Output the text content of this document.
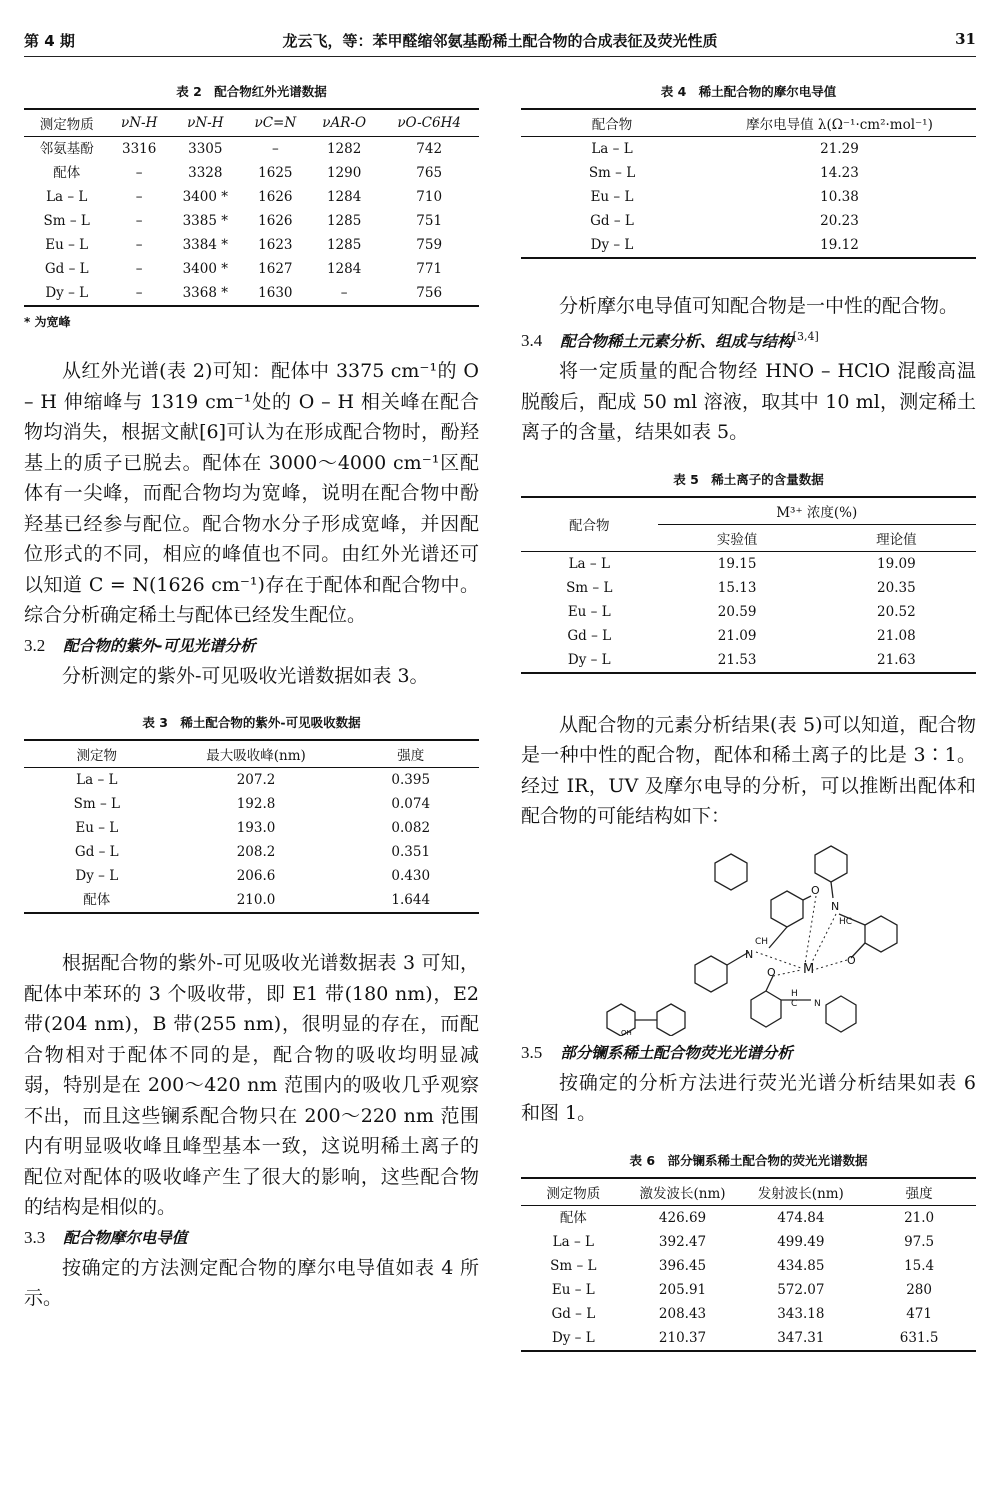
第 4 期	龙云飞，等：苯甲醛缩邻氨基酚稀土配合物的合成表征及荧光性质	31
表 2　配合物红外光谱数据
测定物质	νN-H	νN-H	νC=N	νAR-O	νO-C6H4
邻氨基酚	3316	3305	–	1282	742
配体	–	3328	1625	1290	765
La – L	–	3400 *	1626	1284	710
Sm – L	–	3385 *	1626	1285	751
Eu – L	–	3384 *	1623	1285	759
Gd – L	–	3400 *	1627	1284	771
Dy – L	–	3368 *	1630	–	756
* 为宽峰

从红外光谱(表 2)可知：配体中 3375 cm⁻¹的 O – H 伸缩峰与 1319 cm⁻¹处的 O – H 相关峰在配合物均消失，根据文献[6]可认为在形成配合物时，酚羟基上的质子已脱去。配体在 3000～4000 cm⁻¹区配体有一尖峰，而配合物均为宽峰，说明在配合物中酚羟基已经参与配位。配合物水分子形成宽峰，并因配位形式的不同，相应的峰值也不同。由红外光谱还可以知道 C = N(1626 cm⁻¹)存在于配体和配合物中。综合分析确定稀土与配体已经发生配位。

3.2 配合物的紫外-可见光谱分析

分析测定的紫外-可见吸收光谱数据如表 3。

表 3　稀土配合物的紫外-可见吸收数据
测定物	最大吸收峰(nm)	强度
La – L	207.2	0.395
Sm – L	192.8	0.074
Eu – L	193.0	0.082
Gd – L	208.2	0.351
Dy – L	206.6	0.430
配体	210.0	1.644

根据配合物的紫外-可见吸收光谱数据表 3 可知，配体中苯环的 3 个吸收带，即 E1 带(180 nm)，E2 带(204 nm)，B 带(255 nm)，很明显的存在，而配合物相对于配体不同的是，配合物的吸收均明显减弱，特别是在 200～420 nm 范围内的吸收几乎观察不出，而且这些镧系配合物只在 200～220 nm 范围内有明显吸收峰且峰型基本一致，这说明稀土离子的配位对配体的吸收峰产生了很大的影响，这些配合物的结构是相似的。

3.3 配合物摩尔电导值

按确定的方法测定配合物的摩尔电导值如表 4 所示。

表 4　稀土配合物的摩尔电导值
配合物	摩尔电导值 λ(Ω⁻¹·cm²·mol⁻¹)
La – L	21.29
Sm – L	14.23
Eu – L	10.38
Gd – L	20.23
Dy – L	19.12

分析摩尔电导值可知配合物是一中性的配合物。

3.4 配合物稀土元素分析、组成与结构[3,4]

将一定质量的配合物经 HNO – HClO 混酸高温脱酸后，配成 50 ml 溶液，取其中 10 ml，测定稀土离子的含量，结果如表 5。

表 5　稀土离子的含量数据
配合物	M³⁺ 浓度(%)	
	实验值	理论值
La – L	19.15	19.09
Sm – L	15.13	20.35
Eu – L	20.59	20.52
Gd – L	21.09	21.08
Dy – L	21.53	21.63

从配合物的元素分析结果(表 5)可以知道，配合物是一种中性的配合物，配体和稀土离子的比是 3∶1。经过 IR，UV 及摩尔电导的分析，可以推断出配体和配合物的可能结构如下：

M
O
N
HC
CH
N	O
O
H
C N
OH
3.5 部分镧系稀土配合物荧光光谱分析

按确定的分析方法进行荧光光谱分析结果如表 6 和图 1。

表 6　部分镧系稀土配合物的荧光光谱数据
测定物质	激发波长(nm)	发射波长(nm)	强度
配体	426.69	474.84	21.0
La – L	392.47	499.49	97.5
Sm – L	396.45	434.85	15.4
Eu – L	205.91	572.07	280
Gd – L	208.43	343.18	471
Dy – L	210.37	347.31	631.5
